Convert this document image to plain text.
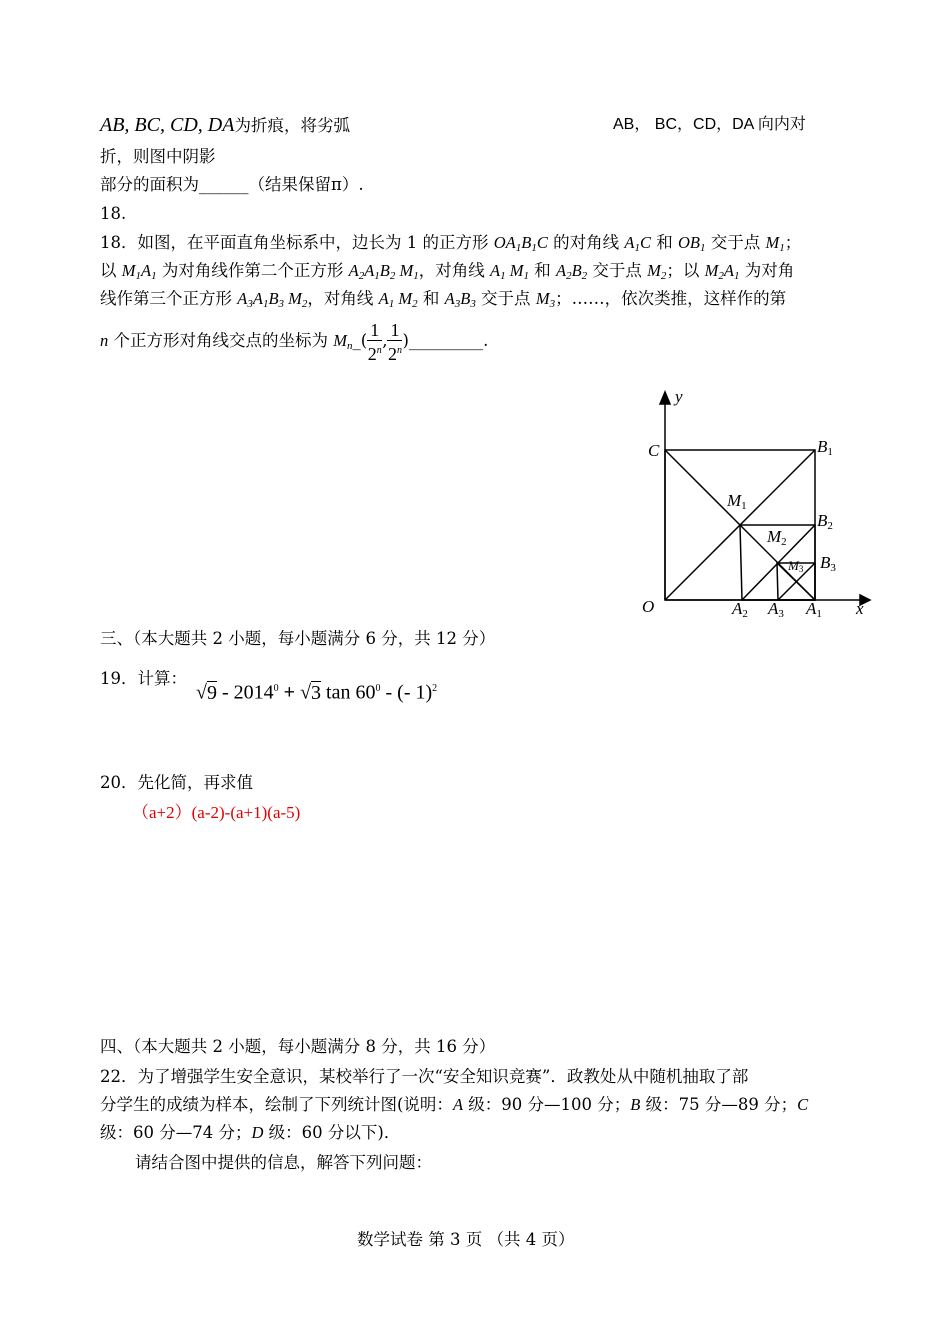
AB, BC, CD, DA为折痕，将劣弧	AB， BC，CD，DA 向内对
折，则图中阴影
部分的面积为______（结果保留π）.
18.
18．如图，在平面直角坐标系中，边长为 1 的正方形 OA1B1C 的对角线 A1C 和 OB1 交于点 M1；
以 M1A1 为对角线作第二个正方形 A2A1B2 M1，对角线 A1 M1 和 A2B2 交于点 M2；以 M2A1 为对角
线作第三个正方形 A3A1B3 M2，对角线 A1 M2 和 A3B3 交于点 M3；……，依次类推，这样作的第
n 个正方形对角线交点的坐标为 Mn_( $\frac{1}{2^n}$ , $\frac{1}{2^n}$ )_________.
y
x
O
C	B1
B2
B3
M1
M2
M3
A2 A3 A1
三、（本大题共 2 小题，每小题满分 6 分，共 12 分）
19．计算：
$√9 - 2014^0 + √3$ $\tan 60^0$ - (- 1)$^2$
20．先化简，再求值
（a+2）(a-2)-(a+1)(a-5)
四、（本大题共 2 小题，每小题满分 8 分，共 16 分）
22．为了增强学生安全意识，某校举行了一次“安全知识竞赛”．政教处从中随机抽取了部
分学生的成绩为样本，绘制了下列统计图(说明：A 级：90 分—100 分；B 级：75 分—89 分；C
级：60 分—74 分；D 级：60 分以下)．
请结合图中提供的信息，解答下列问题：
数学试卷 第 3 页 （共 4 页）
